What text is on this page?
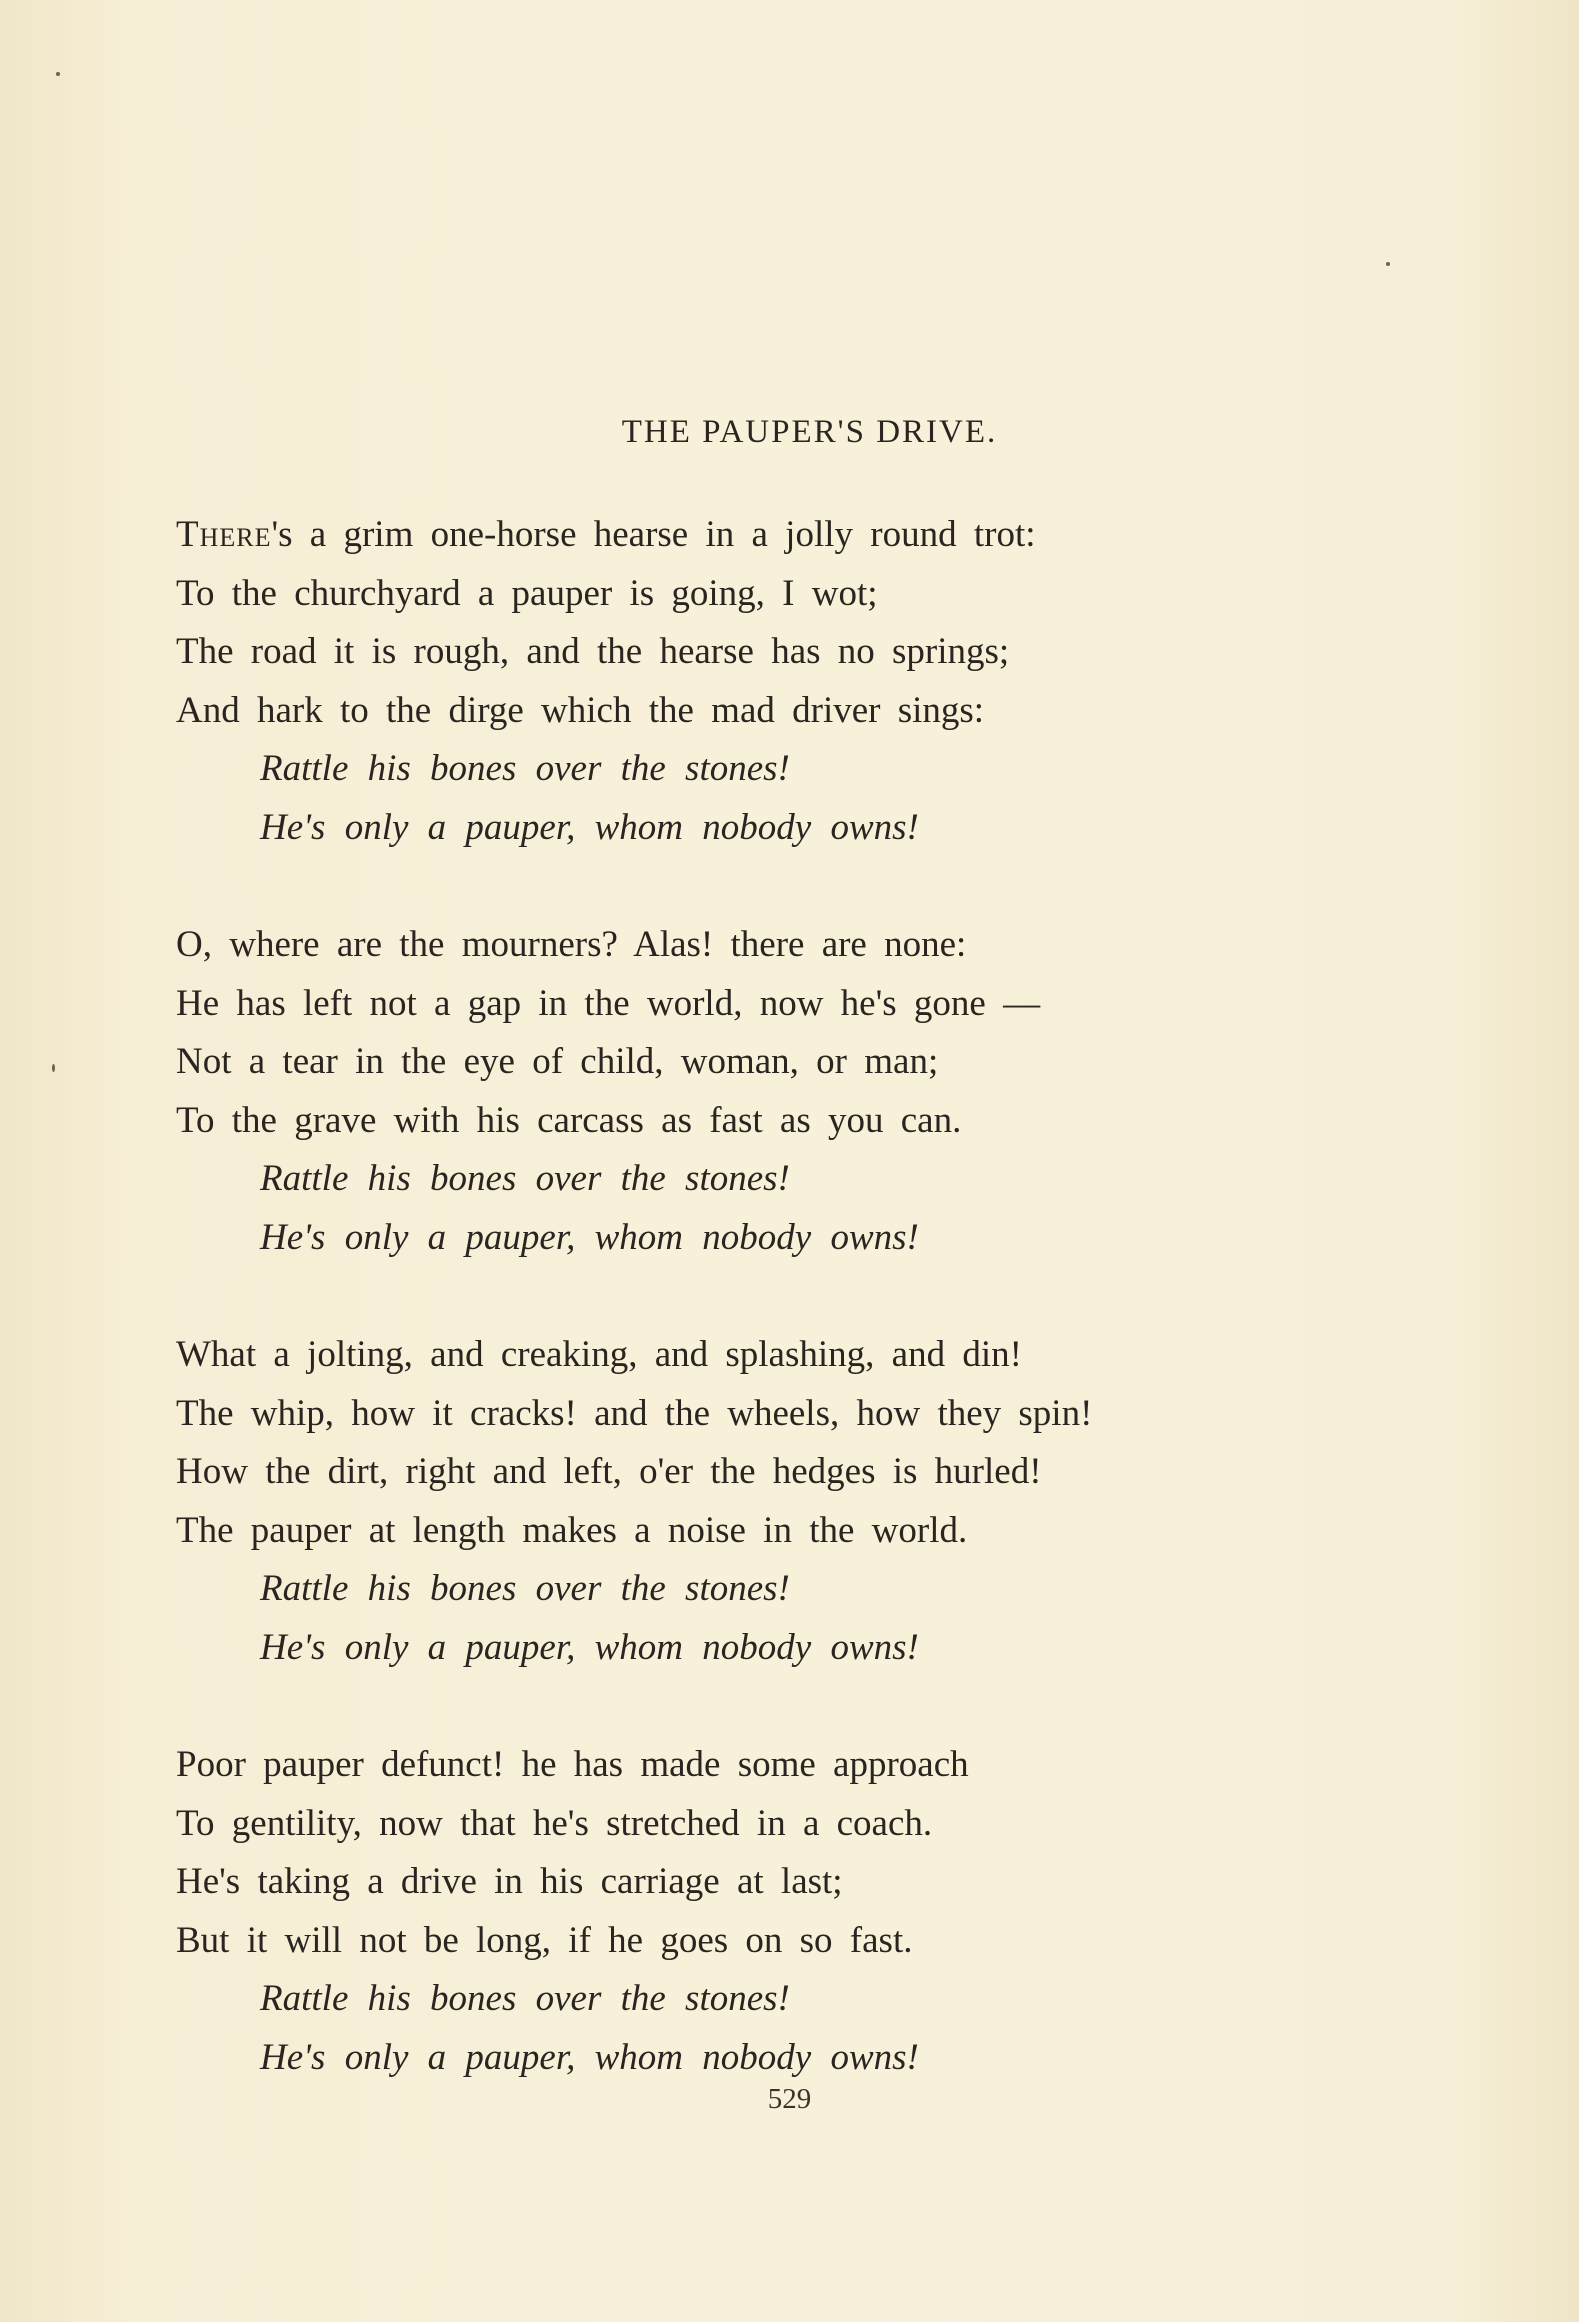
THE PAUPER'S DRIVE.
There's a grim one-horse hearse in a jolly round trot:
To the churchyard a pauper is going, I wot;
The road it is rough, and the hearse has no springs;
And hark to the dirge which the mad driver sings:
Rattle his bones over the stones!
He's only a pauper, whom nobody owns!
O, where are the mourners? Alas! there are none:
He has left not a gap in the world, now he's gone —
Not a tear in the eye of child, woman, or man;
To the grave with his carcass as fast as you can.
Rattle his bones over the stones!
He's only a pauper, whom nobody owns!
What a jolting, and creaking, and splashing, and din!
The whip, how it cracks! and the wheels, how they spin!
How the dirt, right and left, o'er the hedges is hurled!
The pauper at length makes a noise in the world.
Rattle his bones over the stones!
He's only a pauper, whom nobody owns!
Poor pauper defunct! he has made some approach
To gentility, now that he's stretched in a coach.
He's taking a drive in his carriage at last;
But it will not be long, if he goes on so fast.
Rattle his bones over the stones!
He's only a pauper, whom nobody owns!
529
